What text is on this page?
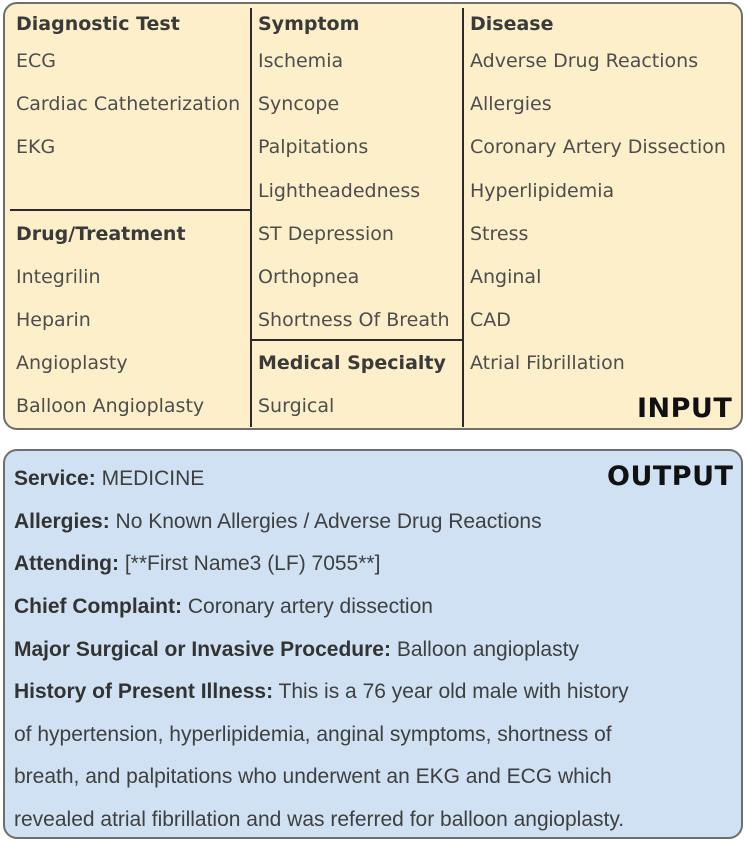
Diagnostic Test
ECG
Cardiac Catheterization
EKG
Drug/Treatment
Integrilin
Heparin
Angioplasty
Balloon Angioplasty
Symptom
Ischemia
Syncope
Palpitations
Lightheadedness
ST Depression
Orthopnea
Shortness Of Breath
Medical Specialty
Surgical
Disease
Adverse Drug Reactions
Allergies
Coronary Artery Dissection
Hyperlipidemia
Stress
Anginal
CAD
Atrial Fibrillation
INPUT
OUTPUT
Service: MEDICINE
Allergies: No Known Allergies / Adverse Drug Reactions
Attending: [**First Name3 (LF) 7055**]
Chief Complaint: Coronary artery dissection
Major Surgical or Invasive Procedure: Balloon angioplasty
History of Present Illness: This is a 76 year old male with history
of hypertension, hyperlipidemia, anginal symptoms, shortness of
breath, and palpitations who underwent an EKG and ECG which
revealed atrial fibrillation and was referred for balloon angioplasty.
